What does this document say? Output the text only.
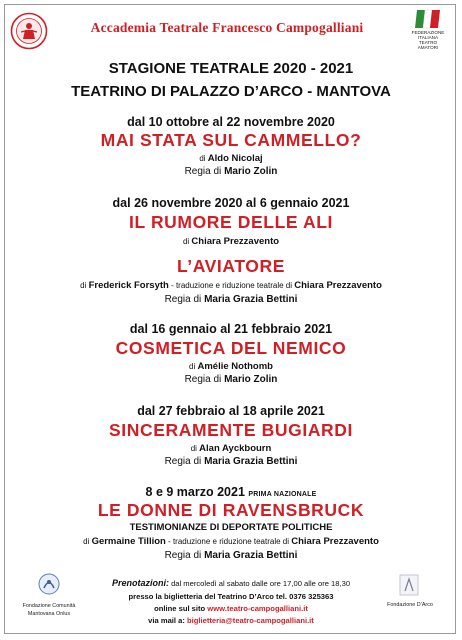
Accademia Teatrale Francesco Campogalliani	FEDERAZIONE
ITALIANA
TEATRO
AMATORI
STAGIONE TEATRALE 2020 - 2021
TEATRINO DI PALAZZO D’ARCO - MANTOVA
dal 10 ottobre al 22 novembre 2020
MAI STATA SUL CAMMELLO?
di Aldo Nicolaj
Regia di Mario Zolin
dal 26 novembre 2020 al 6 gennaio 2021
IL RUMORE DELLE ALI
di Chiara Prezzavento
L’AVIATORE
di Frederick Forsyth - traduzione e riduzione teatrale di Chiara Prezzavento
Regia di Maria Grazia Bettini
dal 16 gennaio al 21 febbraio 2021
COSMETICA DEL NEMICO
di Amélie Nothomb
Regia di Mario Zolin
dal 27 febbraio al 18 aprile 2021
SINCERAMENTE BUGIARDI
di Alan Ayckbourn
Regia di Maria Grazia Bettini
8 e 9 marzo 2021 PRIMA NAZIONALE
LE DONNE DI RAVENSBRUCK
TESTIMONIANZE DI DEPORTATE POLITICHE
di Germaine Tillion - traduzione e riduzione teatrale di Chiara Prezzavento
Regia di Maria Grazia Bettini
Fondazione Comunità
Mantovana Onlus
Fondazione D’Arco
Prenotazioni: dal mercoledì al sabato dalle ore 17,00 alle ore 18,30
presso la biglietteria del Teatrino D’Arco tel. 0376 325363
online sul sito www.teatro-campogalliani.it
via mail a: biglietteria@teatro-campogalliani.it
